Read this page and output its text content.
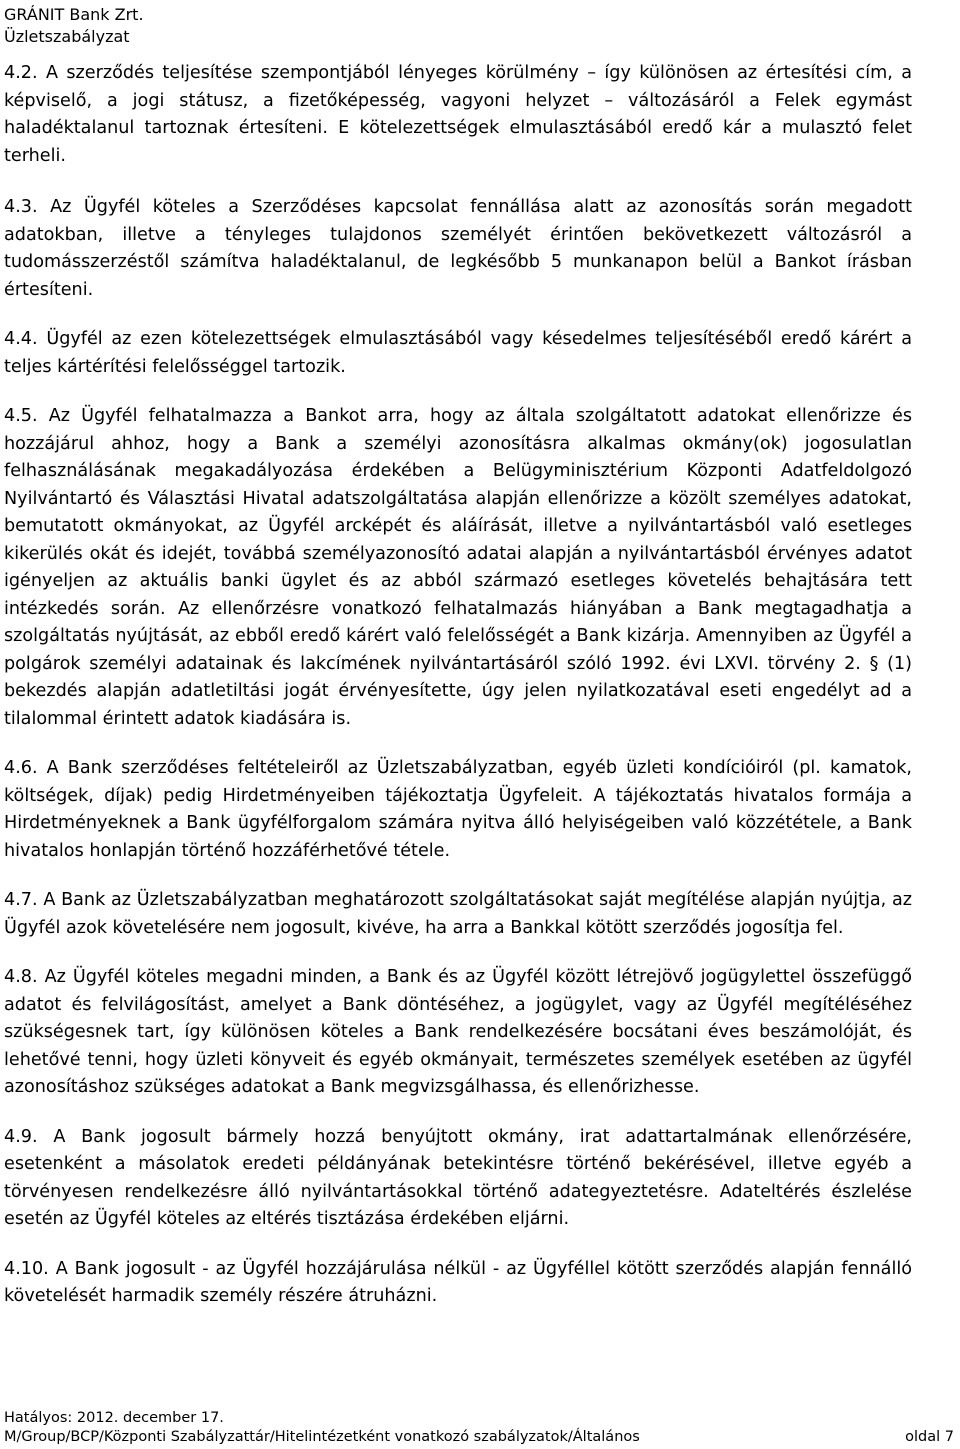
GRÁNIT Bank Zrt.
Üzletszabályzat

4.2. A szerződés teljesítése szempontjából lényeges körülmény – így különösen az értesítési cím, a képviselő, a jogi státusz, a fizetőképesség, vagyoni helyzet – változásáról a Felek egymást haladéktalanul tartoznak értesíteni. E kötelezettségek elmulasztásából eredő kár a mulasztó felet terheli.

4.3. Az Ügyfél köteles a Szerződéses kapcsolat fennállása alatt az azonosítás során megadott adatokban, illetve a tényleges tulajdonos személyét érintően bekövetkezett változásról a tudomásszerzéstől számítva haladéktalanul, de legkésőbb 5 munkanapon belül a Bankot írásban értesíteni.

4.4. Ügyfél az ezen kötelezettségek elmulasztásából vagy késedelmes teljesítéséből eredő kárért a teljes kártérítési felelősséggel tartozik.

4.5. Az Ügyfél felhatalmazza a Bankot arra, hogy az általa szolgáltatott adatokat ellenőrizze és hozzájárul ahhoz, hogy a Bank a személyi azonosításra alkalmas okmány(ok) jogosulatlan felhasználásának megakadályozása érdekében a Belügyminisztérium Központi Adatfeldolgozó Nyilvántartó és Választási Hivatal adatszolgáltatása alapján ellenőrizze a közölt személyes adatokat, bemutatott okmányokat, az Ügyfél arcképét és aláírását, illetve a nyilvántartásból való esetleges kikerülés okát és idejét, továbbá személyazonosító adatai alapján a nyilvántartásból érvényes adatot igényeljen az aktuális banki ügylet és az abból származó esetleges követelés behajtására tett intézkedés során. Az ellenőrzésre vonatkozó felhatalmazás hiányában a Bank megtagadhatja a szolgáltatás nyújtását, az ebből eredő kárért való felelősségét a Bank kizárja. Amennyiben az Ügyfél a polgárok személyi adatainak és lakcímének nyilvántartásáról szóló 1992. évi LXVI. törvény 2. § (1) bekezdés alapján adatletiltási jogát érvényesítette, úgy jelen nyilatkozatával eseti engedélyt ad a tilalommal érintett adatok kiadására is.

4.6. A Bank szerződéses feltételeiről az Üzletszabályzatban, egyéb üzleti kondícióiról (pl. kamatok, költségek, díjak) pedig Hirdetményeiben tájékoztatja Ügyfeleit. A tájékoztatás hivatalos formája a Hirdetményeknek a Bank ügyfélforgalom számára nyitva álló helyiségeiben való közzététele, a Bank hivatalos honlapján történő hozzáférhetővé tétele.

4.7. A Bank az Üzletszabályzatban meghatározott szolgáltatásokat saját megítélése alapján nyújtja, az Ügyfél azok követelésére nem jogosult, kivéve, ha arra a Bankkal kötött szerződés jogosítja fel.

4.8. Az Ügyfél köteles megadni minden, a Bank és az Ügyfél között létrejövő jogügylettel összefüggő adatot és felvilágosítást, amelyet a Bank döntéséhez, a jogügylet, vagy az Ügyfél megítéléséhez szükségesnek tart, így különösen köteles a Bank rendelkezésére bocsátani éves beszámolóját, és lehetővé tenni, hogy üzleti könyveit és egyéb okmányait, természetes személyek esetében az ügyfél azonosításhoz szükséges adatokat a Bank megvizsgálhassa, és ellenőrizhesse.

4.9. A Bank jogosult bármely hozzá benyújtott okmány, irat adattartalmának ellenőrzésére, esetenként a másolatok eredeti példányának betekintésre történő bekérésével, illetve egyéb a törvényesen rendelkezésre álló nyilvántartásokkal történő adategyeztetésre. Adateltérés észlelése esetén az Ügyfél köteles az eltérés tisztázása érdekében eljárni.

4.10. A Bank jogosult - az Ügyfél hozzájárulása nélkül - az Ügyféllel kötött szerződés alapján fennálló követelését harmadik személy részére átruházni.

Hatályos: 2012. december 17.
M/Group/BCP/Központi Szabályzattár/Hitelintézetként vonatkozó szabályzatok/Általános	oldal 7
